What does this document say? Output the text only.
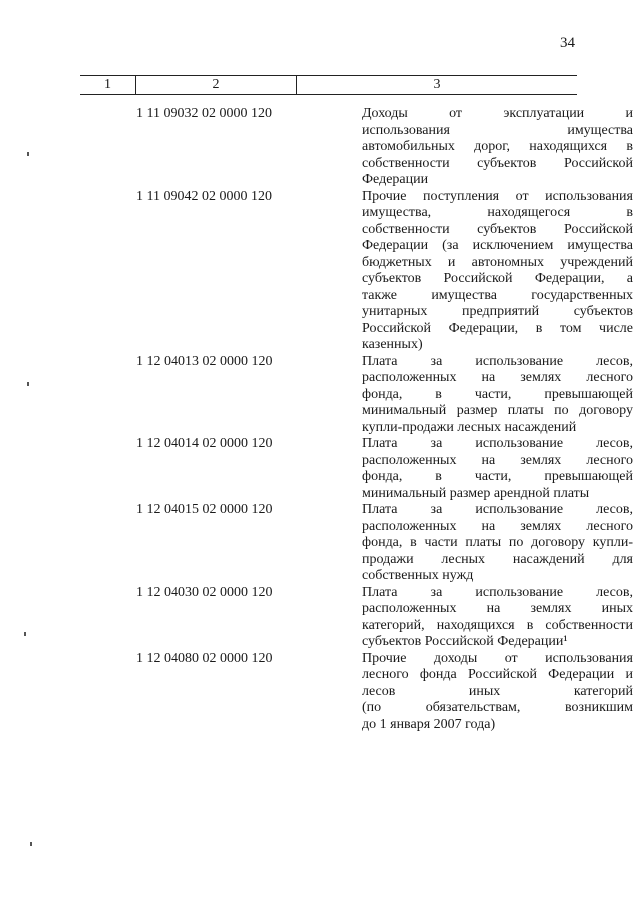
34
1	2	3
1 11 09032 02 0000 120	Доходы от эксплуатации и
использования имущества
автомобильных дорог, находящихся в
собственности субъектов Российской
Федерации
1 11 09042 02 0000 120	Прочие поступления от использования
имущества, находящегося в
собственности субъектов Российской
Федерации (за исключением имущества
бюджетных и автономных учреждений
субъектов Российской Федерации, а
также имущества государственных
унитарных предприятий субъектов
Российской Федерации, в том числе
казенных)
1 12 04013 02 0000 120	Плата за использование лесов,
расположенных на землях лесного
фонда, в части, превышающей
минимальный размер платы по договору
купли-продажи лесных насаждений
1 12 04014 02 0000 120	Плата за использование лесов,
расположенных на землях лесного
фонда, в части, превышающей
минимальный размер арендной платы
1 12 04015 02 0000 120	Плата за использование лесов,
расположенных на землях лесного
фонда, в части платы по договору купли-
продажи лесных насаждений для
собственных нужд
1 12 04030 02 0000 120	Плата за использование лесов,
расположенных на землях иных
категорий, находящихся в собственности
субъектов Российской Федерации¹
1 12 04080 02 0000 120	Прочие доходы от использования
лесного фонда Российской Федерации и
лесов иных категорий
(по обязательствам, возникшим
до 1 января 2007 года)
